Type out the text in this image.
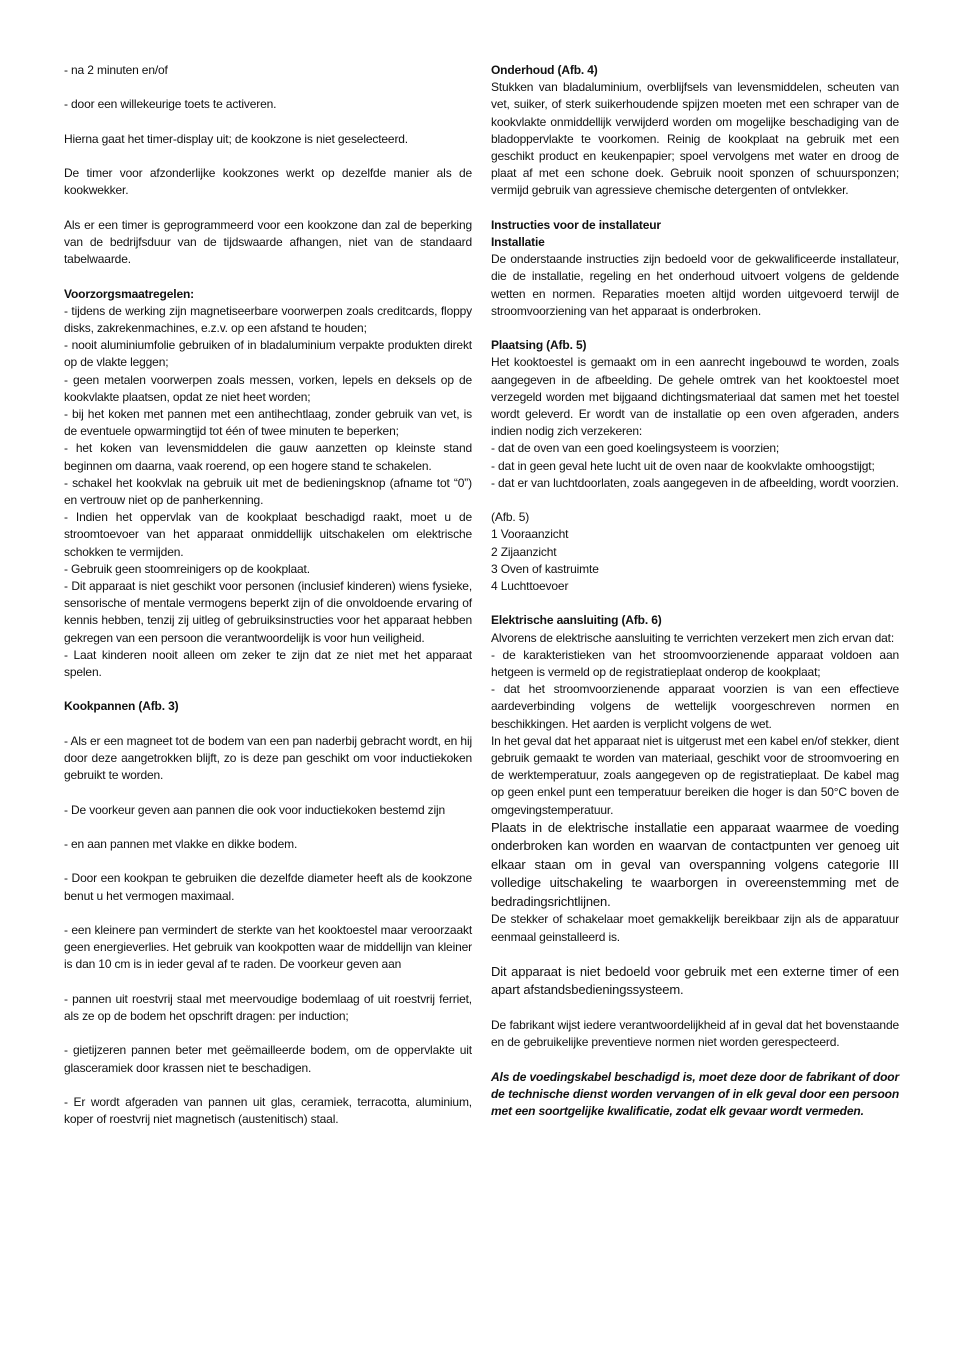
- na 2 minuten en/of

- door een willekeurige toets te activeren.

Hierna gaat het timer-display uit; de kookzone is niet geselecteerd.

De timer voor afzonderlijke kookzones werkt op dezelfde manier als de kookwekker.

Als er een timer is geprogrammeerd voor een kookzone dan zal de beperking van de bedrijfsduur van de tijdswaarde afhangen, niet van de standaard tabelwaarde.

Voorzorgsmaatregelen:

- tijdens de werking zijn magnetiseerbare voorwerpen zoals creditcards, floppy disks, zakrekenmachines, e.z.v. op een afstand te houden;

- nooit aluminiumfolie gebruiken of in bladaluminium verpakte produkten direkt op de vlakte leggen;

- geen metalen voorwerpen zoals messen, vorken, lepels en deksels op de kookvlakte plaatsen, opdat ze niet heet worden;

- bij het koken met pannen met een antihechtlaag, zonder gebruik van vet, is de eventuele opwarmingtijd tot één of twee minuten te beperken;

- het koken van levensmiddelen die gauw aanzetten op kleinste stand beginnen om daarna, vaak roerend, op een hogere stand te schakelen.

- schakel het kookvlak na gebruik uit met de bedieningsknop (afname tot “0”) en vertrouw niet op de panherkenning.

- Indien het oppervlak van de kookplaat beschadigd raakt, moet u de stroomtoevoer van het apparaat onmiddellijk uitschakelen om elektrische schokken te vermijden.

- Gebruik geen stoomreinigers op de kookplaat.

- Dit apparaat is niet geschikt voor personen (inclusief kinderen) wiens fysieke, sensorische of mentale vermogens beperkt zijn of die onvoldoende ervaring of kennis hebben, tenzij zij uitleg of gebruiksinstructies voor het apparaat hebben gekregen van een persoon die verantwoordelijk is voor hun veiligheid.

- Laat kinderen nooit alleen om zeker te zijn dat ze niet met het apparaat spelen.

Kookpannen (Afb. 3)

- Als er een magneet tot de bodem van een pan naderbij gebracht wordt, en hij door deze aangetrokken blijft, zo is deze pan geschikt om voor inductiekoken gebruikt te worden.

- De voorkeur geven aan pannen die ook voor inductiekoken bestemd zijn

- en aan pannen met vlakke en dikke bodem.

- Door een kookpan te gebruiken die dezelfde diameter heeft als de kookzone benut u het vermogen maximaal.

- een kleinere pan vermindert de sterkte van het kooktoestel maar veroorzaakt geen energieverlies. Het gebruik van kookpotten waar de middellijn van kleiner is dan 10 cm is in ieder geval af te raden. De voorkeur geven aan

- pannen uit roestvrij staal met meervoudige bodemlaag of uit roestvrij ferriet, als ze op de bodem het opschrift dragen: per induction;

- gietijzeren pannen beter met geëmailleerde bodem, om de oppervlakte uit glasceramiek door krassen niet te beschadigen.

- Er wordt afgeraden van pannen uit glas, ceramiek, terracotta, aluminium, koper of roestvrij niet magnetisch (austenitisch) staal.

Onderhoud (Afb. 4)

Stukken van bladaluminium, overblijfsels van levensmiddelen, scheuten van vet, suiker, of sterk suikerhoudende spijzen moeten met een schraper van de kookvlakte onmiddellijk verwijderd worden om mogelijke beschadiging van de bladoppervlakte te voorkomen. Reinig de kookplaat na gebruik met een geschikt product en keukenpapier; spoel vervolgens met water en droog de plaat af met een schone doek. Gebruik nooit sponzen of schuursponzen; vermijd gebruik van agressieve chemische detergenten of ontvlekker.

Instructies voor de installateur

Installatie

De onderstaande instructies zijn bedoeld voor de gekwalificeerde installateur, die de installatie, regeling en het onderhoud uitvoert volgens de geldende wetten en normen. Reparaties moeten altijd worden uitgevoerd terwijl de stroomvoorziening van het apparaat is onderbroken.

Plaatsing (Afb. 5)

Het kooktoestel is gemaakt om in een aanrecht ingebouwd te worden, zoals aangegeven in de afbeelding. De gehele omtrek van het kooktoestel moet verzegeld worden met bijgaand dichtingsmateriaal dat samen met het toestel wordt geleverd. Er wordt van de installatie op een oven afgeraden, anders indien nodig zich verzekeren:

- dat de oven van een goed koelingsysteem is voorzien;

- dat in geen geval hete lucht uit de oven naar de kookvlakte omhoogstijgt;

- dat er van luchtdoorlaten, zoals aangegeven in de afbeelding, wordt voorzien.

(Afb. 5)

1 Vooraanzicht

2 Zijaanzicht

3 Oven of kastruimte

4 Luchttoevoer

Elektrische aansluiting (Afb. 6)

Alvorens de elektrische aansluiting te verrichten verzekert men zich ervan dat:

- de karakteristieken van het stroomvoorzienende apparaat voldoen aan hetgeen is vermeld op de registratieplaat onderop de kookplaat;

- dat het stroomvoorzienende apparaat voorzien is van een effectieve aardeverbinding volgens de wettelijk voorgeschreven normen en beschikkingen. Het aarden is verplicht volgens de wet.

In het geval dat het apparaat niet is uitgerust met een kabel en/of stekker, dient gebruik gemaakt te worden van materiaal, geschikt voor de stroomvoering en de werktemperatuur, zoals aangegeven op de registratieplaat. De kabel mag op geen enkel punt een temperatuur bereiken die hoger is dan 50°C boven de omgevingstemperatuur.

Plaats in de elektrische installatie een apparaat waarmee de voeding onderbroken kan worden en waarvan de contactpunten ver genoeg uit elkaar staan om in geval van overspanning volgens categorie III volledige uitschakeling te waarborgen in overeenstemming met de bedradingsrichtlijnen.

De stekker of schakelaar moet gemakkelijk bereikbaar zijn als de apparatuur eenmaal geinstalleerd is.

Dit apparaat is niet bedoeld voor gebruik met een externe timer of een apart afstandsbedieningssysteem.

De fabrikant wijst iedere verantwoordelijkheid af in geval dat het bovenstaande en de gebruikelijke preventieve normen niet worden gerespecteerd.

Als de voedingskabel beschadigd is, moet deze door de fabrikant of door de technische dienst worden vervangen of in elk geval door een persoon met een soortgelijke kwalificatie, zodat elk gevaar wordt vermeden.
